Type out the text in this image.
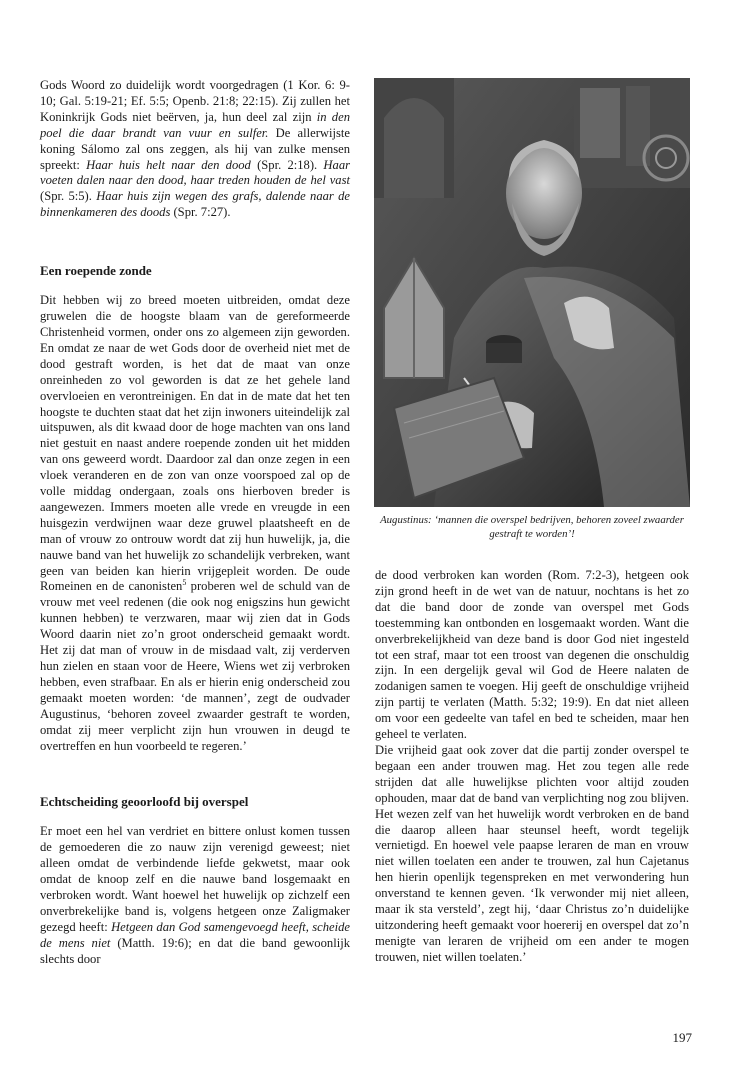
Gods Woord zo duidelijk wordt voorgedragen (1 Kor. 6: 9-10; Gal. 5:19-21; Ef. 5:5; Openb. 21:8; 22:15). Zij zullen het Koninkrijk Gods niet beërven, ja, hun deel zal zijn in den poel die daar brandt van vuur en sulfer. De allerwijste koning Sálomo zal ons zeggen, als hij van zulke mensen spreekt: Haar huis helt naar den dood (Spr. 2:18). Haar voeten dalen naar den dood, haar treden houden de hel vast (Spr. 5:5). Haar huis zijn wegen des grafs, dalende naar de binnenkameren des doods (Spr. 7:27).

Een roepende zonde

Dit hebben wij zo breed moeten uitbreiden, omdat deze gruwelen die de hoogste blaam van de gereformeerde Christenheid vormen, onder ons zo algemeen zijn geworden. En omdat ze naar de wet Gods door de overheid niet met de dood gestraft worden, is het dat de maat van onze onreinheden zo vol geworden is dat ze het gehele land overvloeien en verontreinigen. En dat in de mate dat het ten hoogste te duchten staat dat het zijn inwoners uiteindelijk zal uitspuwen, als dit kwaad door de hoge machten van ons land niet gestuit en naast andere roepende zonden uit het midden van ons geweerd wordt. Daardoor zal dan onze zegen in een vloek veranderen en de zon van onze voorspoed zal op de volle middag ondergaan, zoals ons hierboven breder is aangewezen. Immers moeten alle vrede en vreugde in een huisgezin verdwijnen waar deze gruwel plaatsheeft en de man of vrouw zo ontrouw wordt dat zij hun huwelijk, ja, die nauwe band van het huwelijk zo schandelijk verbreken, want geen van beiden kan hierin vrijgepleit worden. De oude Romeinen en de canonisten$^5$ proberen wel de schuld van de vrouw met veel redenen (die ook nog enigszins hun gewicht kunnen hebben) te verzwaren, maar wij zien dat in Gods Woord daarin niet zo’n groot onderscheid gemaakt wordt. Het zij dat man of vrouw in de misdaad valt, zij verderven hun zielen en staan voor de Heere, Wiens wet zij verbroken hebben, even strafbaar. En als er hierin enig onderscheid zou gemaakt moeten worden: ‘de mannen’, zegt de oudvader Augustinus, ‘behoren zoveel zwaarder gestraft te worden, omdat zij meer verplicht zijn hun vrouwen in deugd te overtreffen en hun voorbeeld te regeren.’

Echtscheiding geoorloofd bij overspel

Er moet een hel van verdriet en bittere onlust komen tussen de gemoederen die zo nauw zijn verenigd geweest; niet alleen omdat de verbindende liefde gekwetst, maar ook omdat de knoop zelf en die nauwe band losgemaakt en verbroken wordt. Want hoewel het huwelijk op zichzelf een onverbrekelijke band is, volgens hetgeen onze Zaligmaker gezegd heeft: Hetgeen dan God samengevoegd heeft, scheide de mens niet (Matth. 19:6); en dat die band gewoonlijk slechts door

Augustinus: ‘mannen die overspel bedrijven, behoren zoveel zwaarder gestraft te worden’!

de dood verbroken kan worden (Rom. 7:2-3), hetgeen ook zijn grond heeft in de wet van de natuur, nochtans is het zo dat die band door de zonde van overspel met Gods toestemming kan ontbonden en losgemaakt worden. Want die onverbrekelijkheid van deze band is door God niet ingesteld tot een straf, maar tot een troost van degenen die onschuldig zijn. In een dergelijk geval wil God de Heere nalaten de zodanigen samen te voegen. Hij geeft de onschuldige vrijheid zijn partij te verlaten (Matth. 5:32; 19:9). En dat niet alleen om voor een gedeelte van tafel en bed te scheiden, maar hen geheel te verlaten.

Die vrijheid gaat ook zover dat die partij zonder overspel te begaan een ander trouwen mag. Het zou tegen alle rede strijden dat alle huwelijkse plichten voor altijd zouden ophouden, maar dat de band van verplichting nog zou blijven. Het wezen zelf van het huwelijk wordt verbroken en de band die daarop alleen haar steunsel heeft, wordt tegelijk vernietigd. En hoewel vele paapse leraren de man en vrouw niet willen toelaten een ander te trouwen, zal hun Cajetanus hen hierin openlijk tegenspreken en met verwondering hun onverstand te kennen geven. ‘Ik verwonder mij niet alleen, maar ik sta versteld’, zegt hij, ‘daar Christus zo’n duidelijke uitzondering heeft gemaakt voor hoererij en overspel dat zo’n menigte van leraren de vrijheid om een ander te mogen trouwen, niet willen toelaten.’

197
